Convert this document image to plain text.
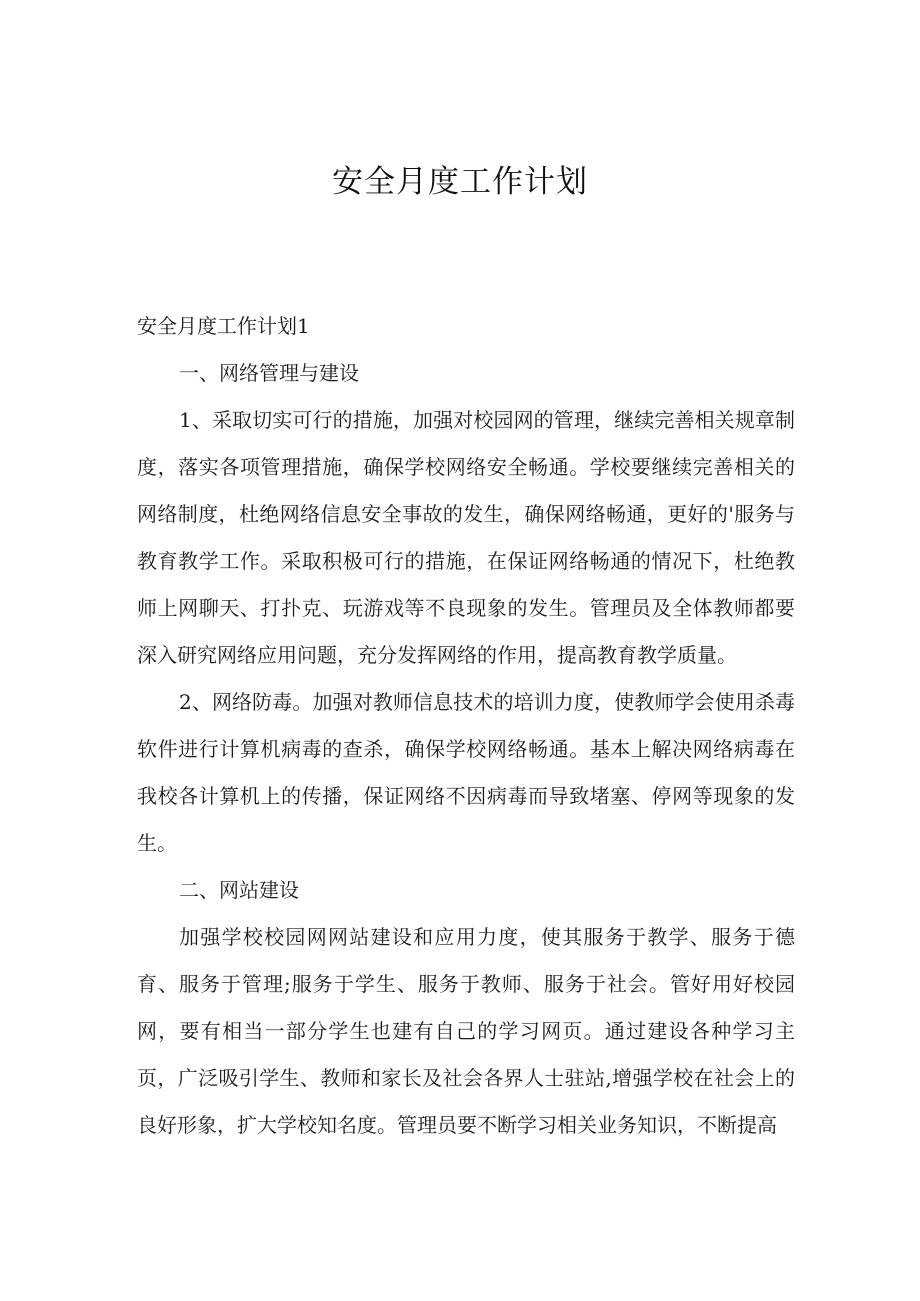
安全月度工作计划

安全月度工作计划1

一、网络管理与建设

1、采取切实可行的措施，加强对校园网的管理，继续完善相关规章制度，落实各项管理措施，确保学校网络安全畅通。学校要继续完善相关的网络制度，杜绝网络信息安全事故的发生，确保网络畅通，更好的'服务与教育教学工作。采取积极可行的措施，在保证网络畅通的情况下，杜绝教师上网聊天、打扑克、玩游戏等不良现象的发生。管理员及全体教师都要深入研究网络应用问题，充分发挥网络的作用，提高教育教学质量。

2、网络防毒。加强对教师信息技术的培训力度，使教师学会使用杀毒软件进行计算机病毒的查杀，确保学校网络畅通。基本上解决网络病毒在我校各计算机上的传播，保证网络不因病毒而导致堵塞、停网等现象的发生。

二、网站建设

加强学校校园网网站建设和应用力度，使其服务于教学、服务于德育、服务于管理;服务于学生、服务于教师、服务于社会。管好用好校园网，要有相当一部分学生也建有自己的学习网页。通过建设各种学习主页，广泛吸引学生、教师和家长及社会各界人士驻站,增强学校在社会上的良好形象，扩大学校知名度。管理员要不断学习相关业务知识，不断提高
